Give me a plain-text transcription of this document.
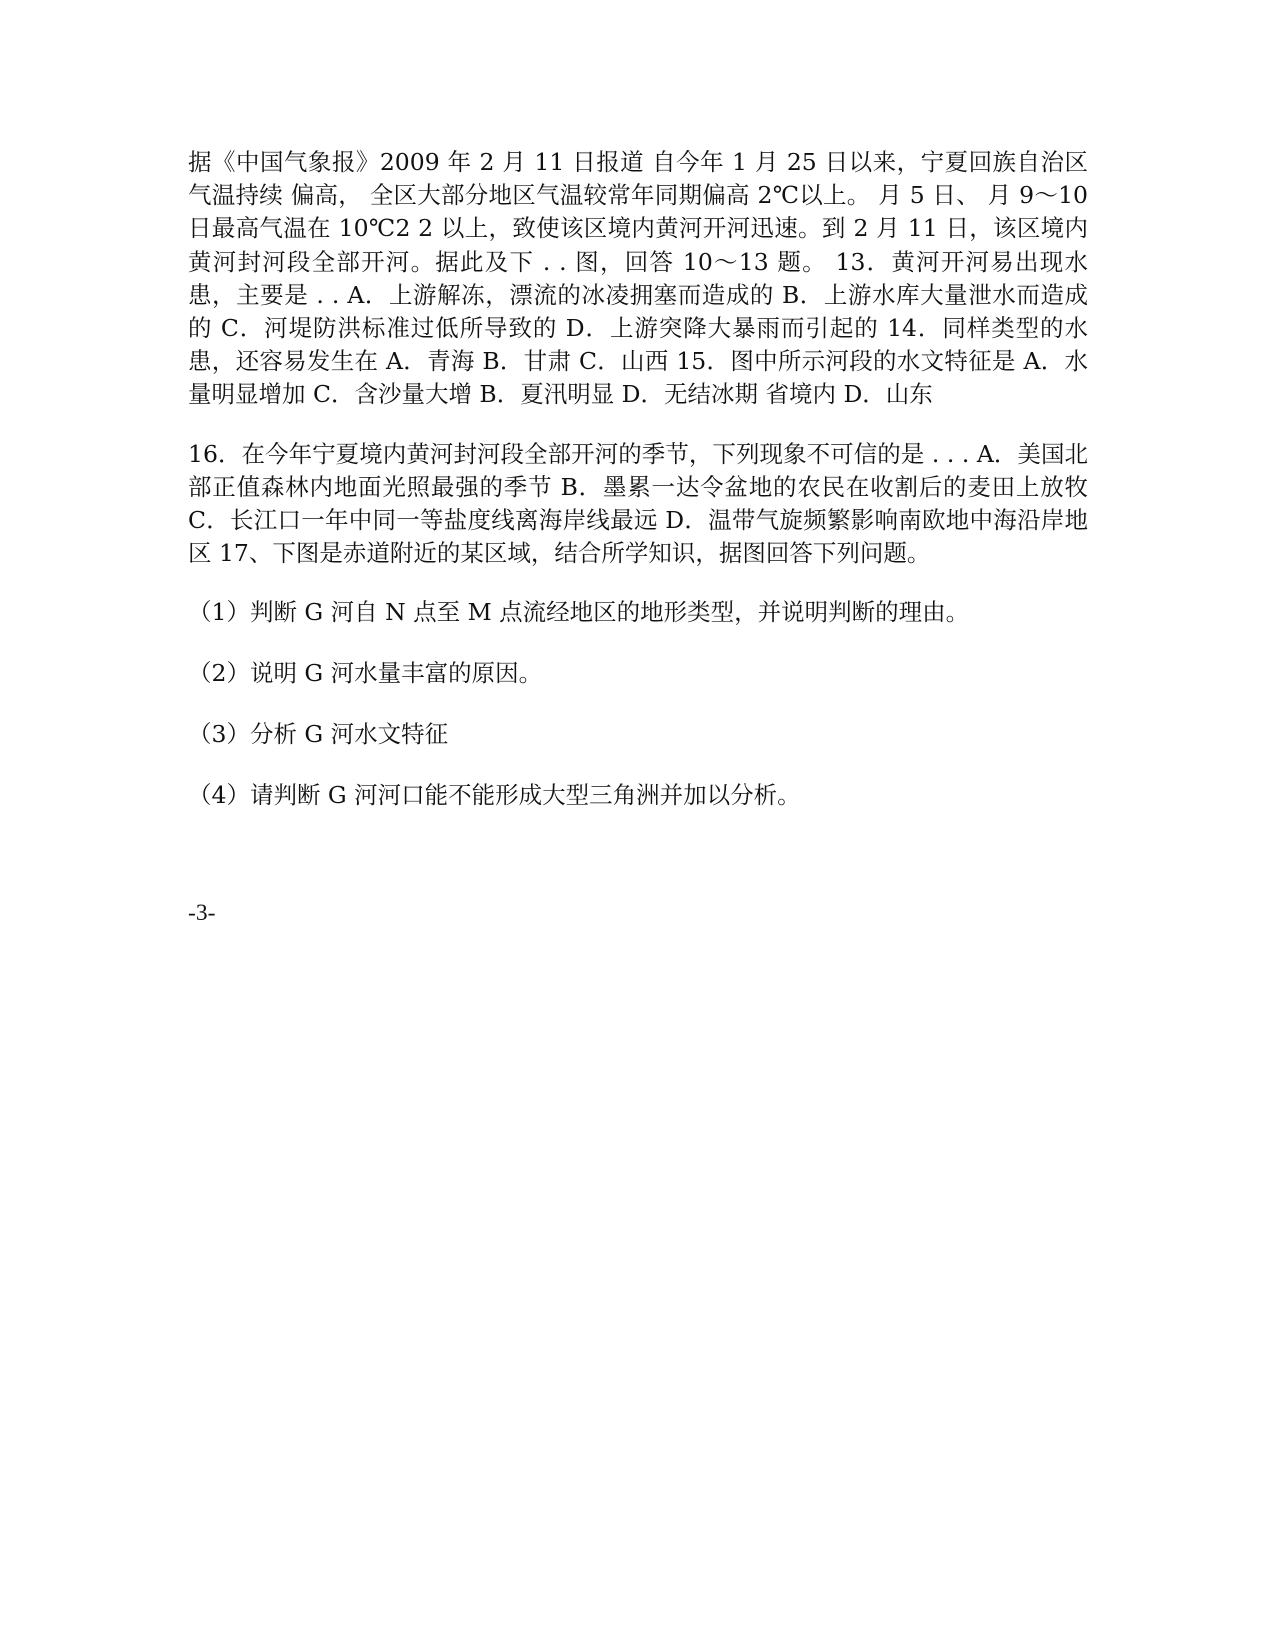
据《中国气象报》2009 年 2 月 11 日报道 自今年 1 月 25 日以来，宁夏回族自治区气温持续 偏高， 全区大部分地区气温较常年同期偏高 2℃以上。 月 5 日、 月 9～10 日最高气温在 10℃2 2 以上，致使该区境内黄河开河迅速。到 2 月 11 日，该区境内黄河封河段全部开河。据此及下 . . 图，回答 10～13 题。 13．黄河开河易出现水患，主要是 . . A．上游解冻，漂流的冰凌拥塞而造成的 B．上游水库大量泄水而造成的 C．河堤防洪标准过低所导致的 D．上游突降大暴雨而引起的 14．同样类型的水患，还容易发生在 A．青海 B．甘肃 C．山西 15．图中所示河段的水文特征是 A．水量明显增加 C．含沙量大增 B．夏汛明显 D．无结冰期 省境内 D．山东

16．在今年宁夏境内黄河封河段全部开河的季节，下列现象不可信的是 . . . A．美国北部正值森林内地面光照最强的季节 B．墨累一达令盆地的农民在收割后的麦田上放牧 C．长江口一年中同一等盐度线离海岸线最远 D．温带气旋频繁影响南欧地中海沿岸地区 17、下图是赤道附近的某区域，结合所学知识，据图回答下列问题。

（1）判断 G 河自 N 点至 M 点流经地区的地形类型，并说明判断的理由。

（2）说明 G 河水量丰富的原因。

（3）分析 G 河水文特征

（4）请判断 G 河河口能不能形成大型三角洲并加以分析。

-3-
